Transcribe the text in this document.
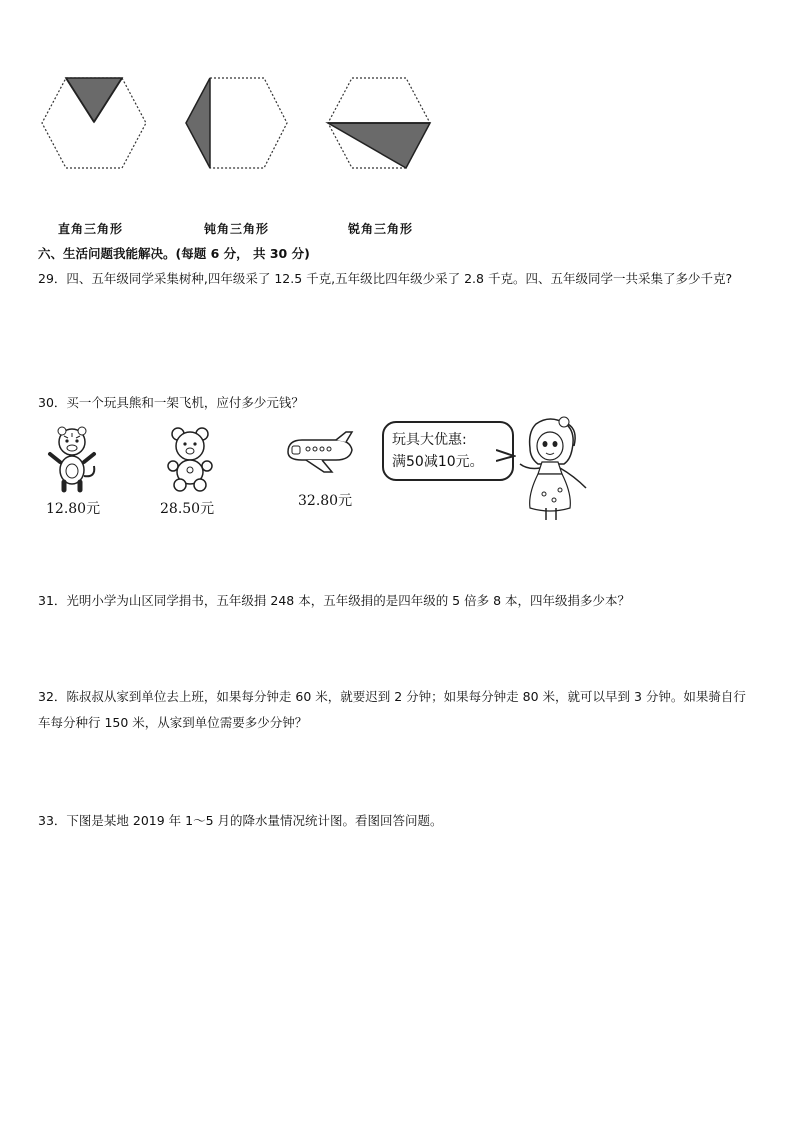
直角三角形	钝角三角形	锐角三角形
六、生活问题我能解决。(每题 6 分， 共 30 分)
29．四、五年级同学采集树种,四年级采了 12.5 千克,五年级比四年级少采了 2.8 千克。四、五年级同学一共采集了多少千克?
30．买一个玩具熊和一架飞机，应付多少元钱？
12.80元	28.50元	32.80元
玩具大优惠:
满50减10元。
31．光明小学为山区同学捐书，五年级捐 248 本，五年级捐的是四年级的 5 倍多 8 本，四年级捐多少本？
32．陈叔叔从家到单位去上班，如果每分钟走 60 米，就要迟到 2 分钟；如果每分钟走 80 米，就可以早到 3 分钟。如果骑自行车每分种行 150 米，从家到单位需要多少分钟？
33．下图是某地 2019 年 1～5 月的降水量情况统计图。看图回答问题。
